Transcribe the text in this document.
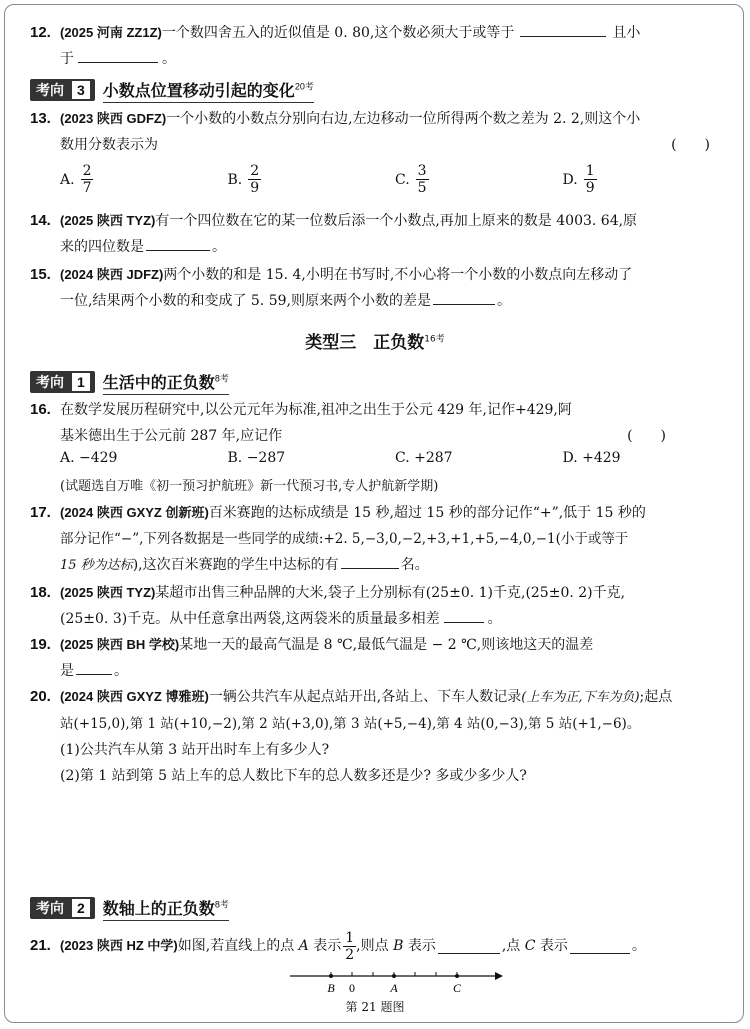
12. (2025 河南 ZZ1Z)一个数四舍五入的近似值是 0. 80,这个数必须大于或等于	且小
于	。
考向 3	小数点位置移动引起的变化$^{20考}$
13. (2023 陕西 GDFZ)一个小数的小数点分别向右边,左边移动一位所得两个数之差为 2. 2,则这个小
数用分数表示为	(　　)
A. $\frac{2}{7}$	B. $\frac{2}{9}$	C. $\frac{3}{5}$	D. $\frac{1}{9}$
14. (2025 陕西 TYZ)有一个四位数在它的某一位数后添一个小数点,再加上原来的数是 4003. 64,原
来的四位数是	。
15. (2024 陕西 JDFZ)两个小数的和是 15. 4,小明在书写时,不小心将一个小数的小数点向左移动了
一位,结果两个小数的和变成了 5. 59,则原来两个小数的差是	。
类型三　正负数$^{16考}$
考向 1	生活中的正负数$^{8考}$
16. 在数学发展历程研究中,以公元元年为标准,祖冲之出生于公元 429 年,记作+429,阿
基米德出生于公元前 287 年,应记作	(　　)
A. −429	B. −287	C. +287	D. +429
(试题选自万唯《初一预习护航班》新一代预习书,专人护航新学期)
17. (2024 陕西 GXYZ 创新班)百米赛跑的达标成绩是 15 秒,超过 15 秒的部分记作“+”,低于 15 秒的
部分记作“−”,下列各数据是一些同学的成绩:+2. 5,−3,0,−2,+3,+1,+5,−4,0,−1(小于或等于
15 秒为达标),这次百米赛跑的学生中达标的有	名。
18. (2025 陕西 TYZ)某超市出售三种品牌的大米,袋子上分别标有(25±0. 1)千克,(25±0. 2)千克,
(25±0. 3)千克。从中任意拿出两袋,这两袋米的质量最多相差	。
19. (2025 陕西 BH 学校)某地一天的最高气温是 8 ℃,最低气温是 − 2 ℃,则该地这天的温差
是	。
20. (2024 陕西 GXYZ 博雅班)一辆公共汽车从起点站开出,各站上、下车人数记录(上车为正,下车为负);起点
站(+15,0),第 1 站(+10,−2),第 2 站(+3,0),第 3 站(+5,−4),第 4 站(0,−3),第 5 站(+1,−6)。
(1)公共汽车从第 3 站开出时车上有多少人?
(2)第 1 站到第 5 站上车的总人数比下车的总人数多还是少? 多或少多少人?
考向 2	数轴上的正负数$^{8考}$
21. (2023 陕西 HZ 中学) 如图,若直线上的点
A
表示 $\frac{1}{2}$ ,则点
B
表示	,点
C
表示	。
B 0	A	C
第 21 题图
